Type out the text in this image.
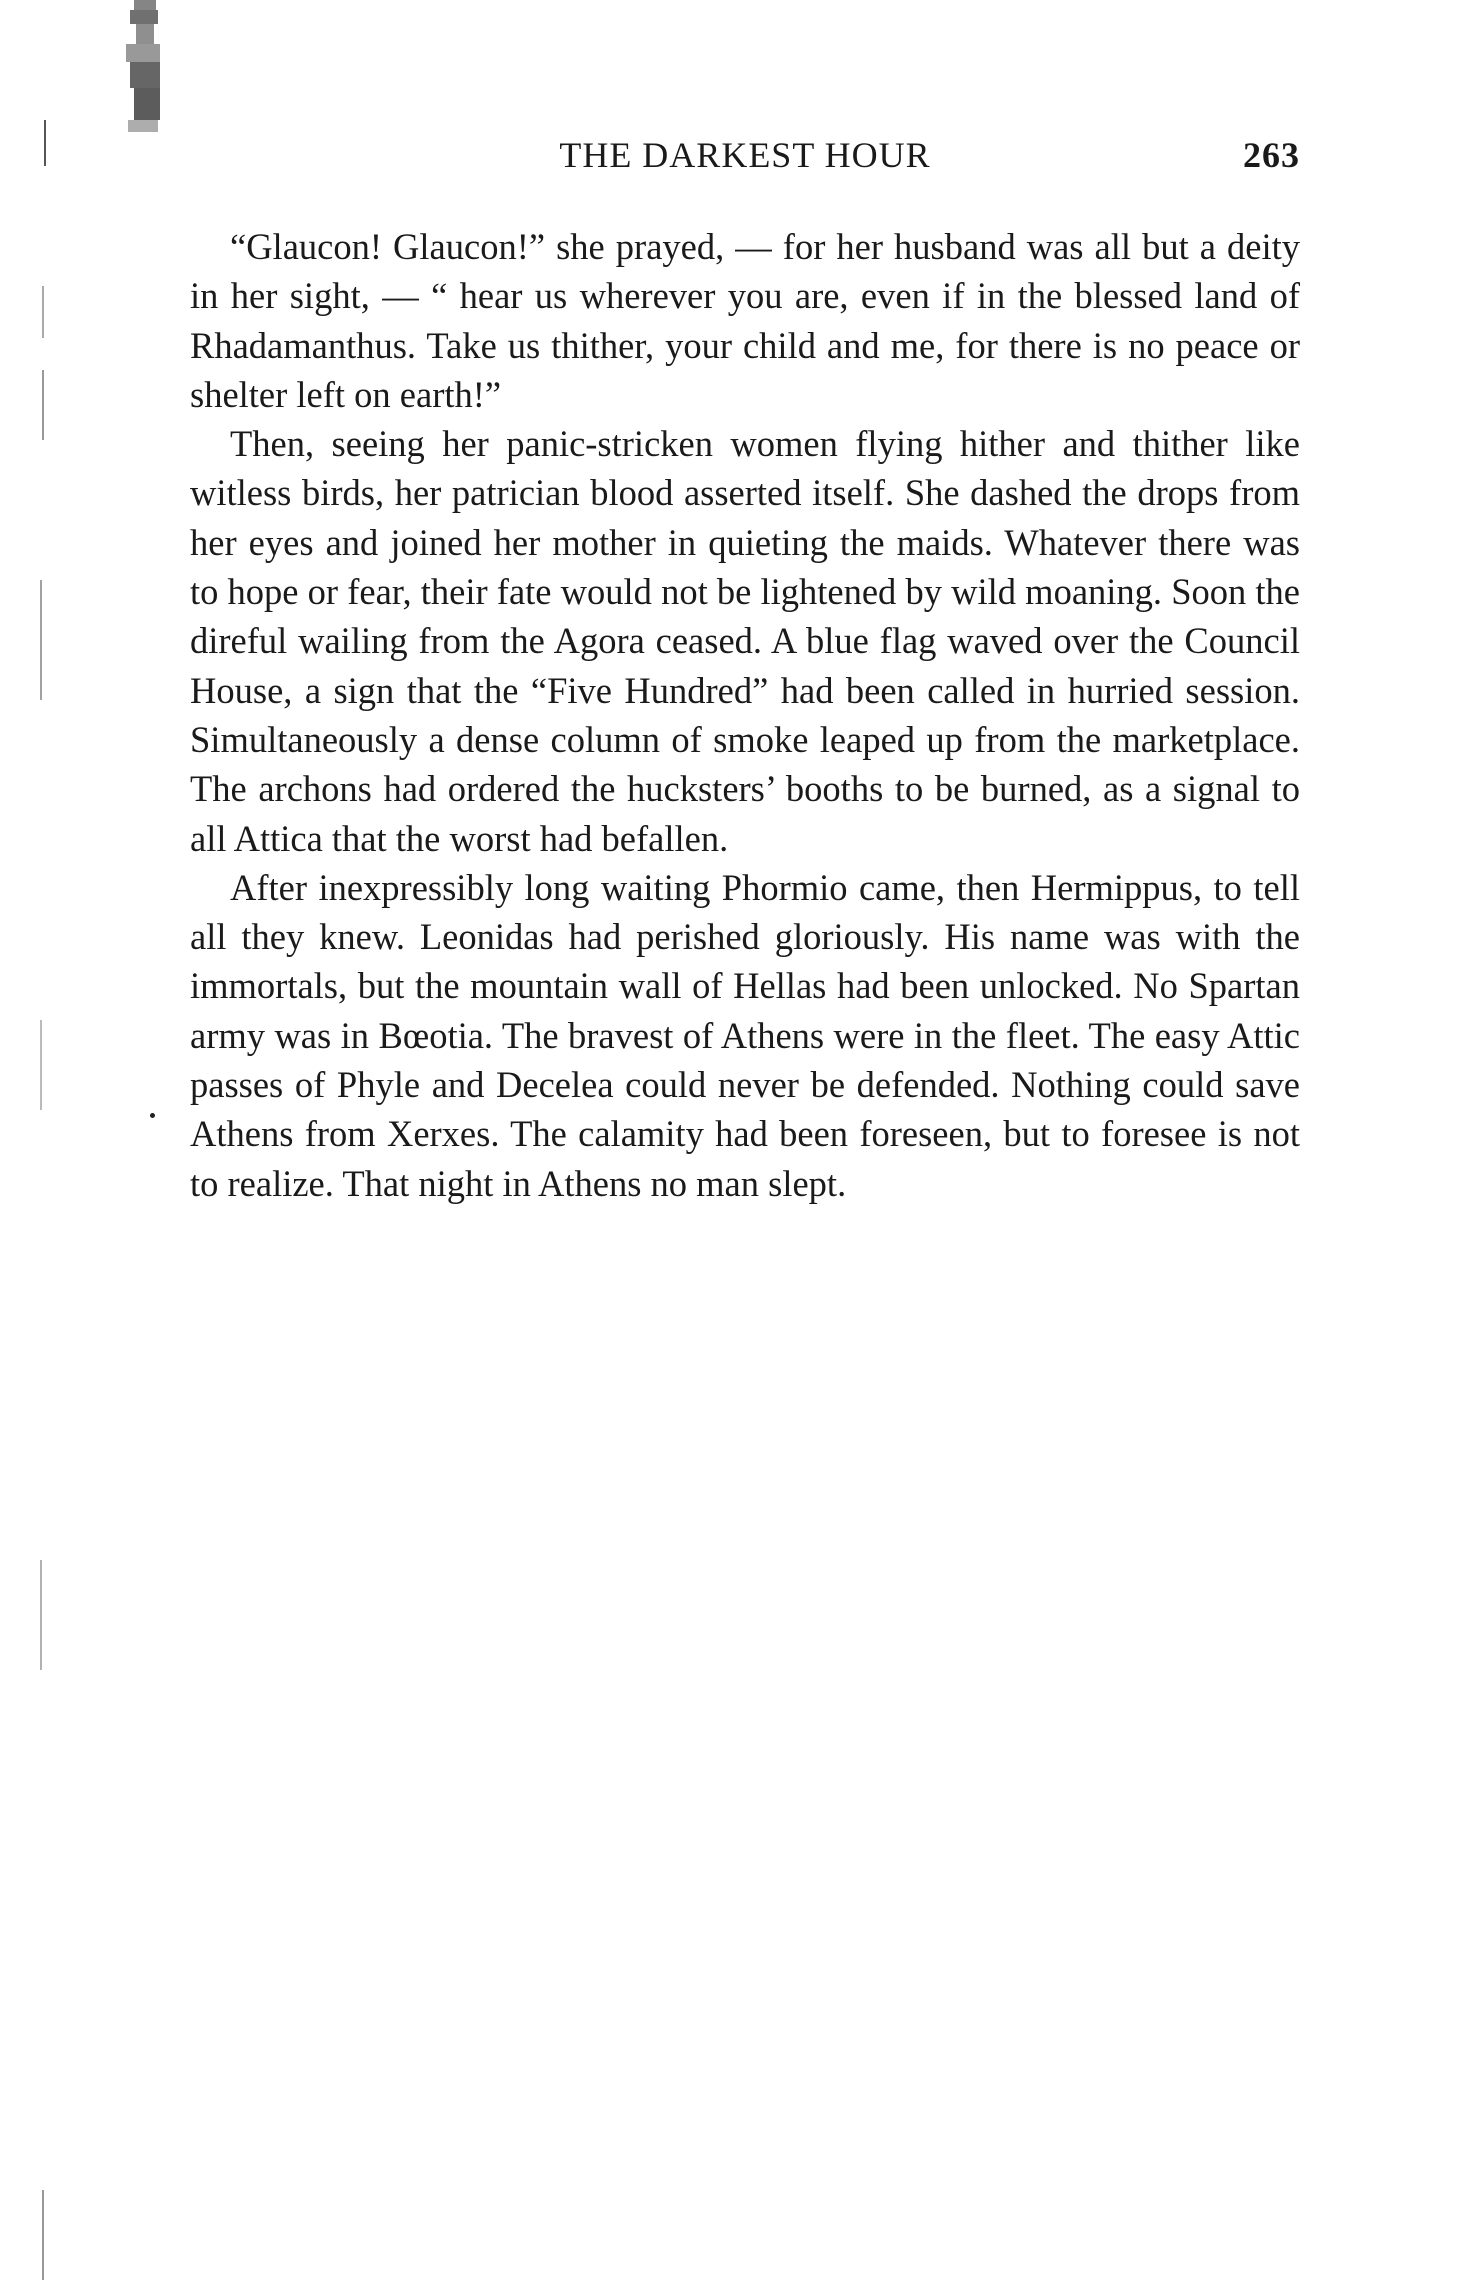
THE DARKEST HOUR	263

“Glaucon! Glaucon!” she prayed, — for her husband was all but a deity in her sight, — “ hear us wherever you are, even if in the blessed land of Rhadamanthus. Take us thither, your child and me, for there is no peace or shelter left on earth!”

Then, seeing her panic-stricken women flying hither and thither like witless birds, her patrician blood asserted itself. She dashed the drops from her eyes and joined her mother in quieting the maids. Whatever there was to hope or fear, their fate would not be lightened by wild moaning. Soon the direful wailing from the Agora ceased. A blue flag waved over the Council House, a sign that the “Five Hundred” had been called in hurried session. Simultaneously a dense column of smoke leaped up from the marketplace. The archons had ordered the hucksters’ booths to be burned, as a signal to all Attica that the worst had befallen.

After inexpressibly long waiting Phormio came, then Hermippus, to tell all they knew. Leonidas had perished gloriously. His name was with the immortals, but the mountain wall of Hellas had been unlocked. No Spartan army was in Bœotia. The bravest of Athens were in the fleet. The easy Attic passes of Phyle and Decelea could never be defended. Nothing could save Athens from Xerxes. The calamity had been foreseen, but to foresee is not to realize. That night in Athens no man slept.
